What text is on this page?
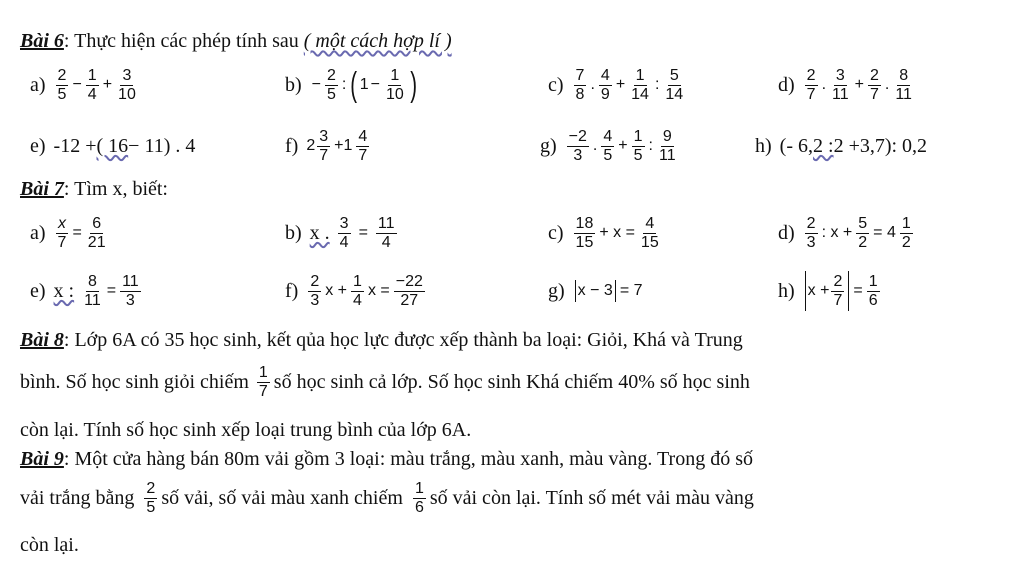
Bài 6: Thực hiện các phép tính sau ( một cách hợp lí )
$a) \frac{2}{5} - \frac{1}{4} + \frac{3}{10}$	$b) - \frac{2}{5}$ : ( $1 - \frac{1}{10}$ )	$c) \frac{7}{8}$ . $\frac{4}{9} + \frac{1}{14}$ : $\frac{5}{14}$	$d) \frac{2}{7}$ . $\frac{3}{11} + \frac{2}{7}$ . $\frac{8}{11}$
e) -12 + ( 16 − 11) . 4	f) $2 \frac{3}{7} +1 \frac{4}{7}$	$g) \frac{-2}{3}$ . $\frac{4}{5} + \frac{1}{5}$ : $\frac{9}{11}$	h) (- 6, 2 : 2 +3,7): 0,2
Bài 7: Tìm x, biết:
$a) \frac{x}{7} = \frac{6}{21}$	b) x . $\frac{3}{4} = \frac{11}{4}$	$c) \frac{18}{15} + x = \frac{4}{15}$	$d) \frac{2}{3}$ : $x + \frac{5}{2} = 4 \frac{1}{2}$
e) x : $\frac{8}{11} = \frac{11}{3}$	$f) \frac{2}{3}$ $x + \frac{1}{4}$ $x = \frac{-22}{27}$	g) x − 3 = 7	h) $x + \frac{2}{7} = \frac{1}{6}$
Bài 8: Lớp 6A có 35 học sinh, kết qủa học lực được xếp thành ba loại: Giỏi, Khá và Trung
bình. Số học sinh giỏi chiếm $\frac{1}{7}$ số học sinh cả lớp. Số học sinh Khá chiếm 40% số học sinh
còn lại. Tính số học sinh xếp loại trung bình của lớp 6A.
Bài 9: Một cửa hàng bán 80m vải gồm 3 loại: màu trắng, màu xanh, màu vàng. Trong đó số
vải trắng bằng $\frac{2}{5}$ số vải, số vải màu xanh chiếm $\frac{1}{6}$ số vải còn lại. Tính số mét vải màu vàng
còn lại.
